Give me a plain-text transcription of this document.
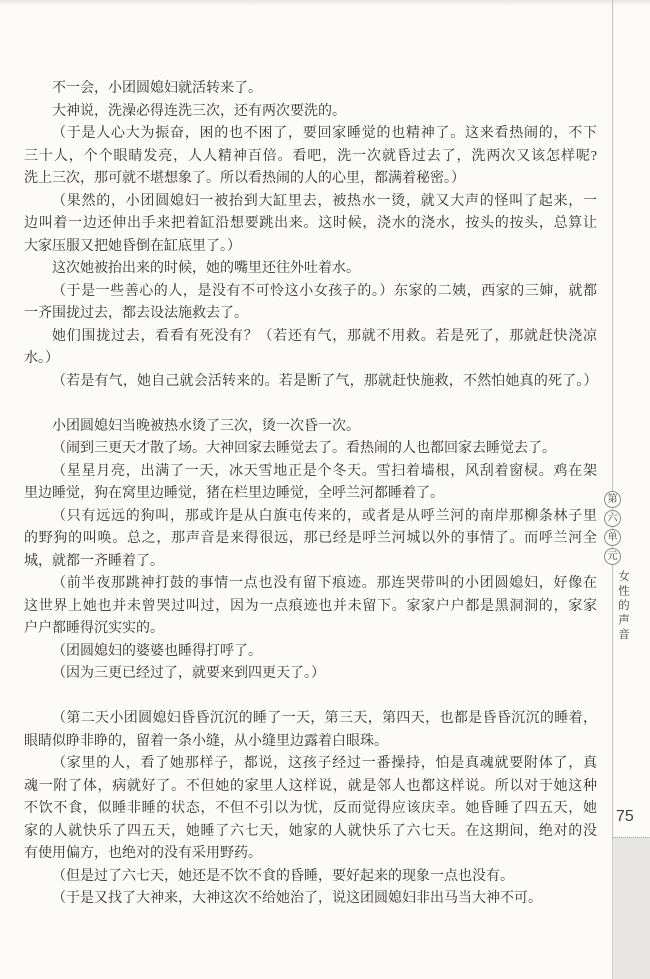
不一会，小团圆媳妇就活转来了。
大神说，洗澡必得连洗三次，还有两次要洗的。
（于是人心大为振奋，困的也不困了，要回家睡觉的也精神了。这来看热闹的，不下
三十人，个个眼睛发亮，人人精神百倍。看吧，洗一次就昏过去了，洗两次又该怎样呢?
洗上三次，那可就不堪想象了。所以看热闹的人的心里，都满着秘密。）
（果然的，小团圆媳妇一被抬到大缸里去，被热水一烫，就又大声的怪叫了起来，一
边叫着一边还伸出手来把着缸沿想要跳出来。这时候，浇水的浇水，按头的按头，总算让
大家压服又把她昏倒在缸底里了。）
这次她被抬出来的时候，她的嘴里还往外吐着水。
（于是一些善心的人，是没有不可怜这小女孩子的。）东家的二姨，西家的三婶，就都
一齐围拢过去，都去设法施救去了。
她们围拢过去，看看有死没有？（若还有气，那就不用救。若是死了，那就赶快浇凉
水。）
（若是有气，她自己就会活转来的。若是断了气，那就赶快施救，不然怕她真的死了。）
小团圆媳妇当晚被热水烫了三次，烫一次昏一次。
（闹到三更天才散了场。大神回家去睡觉去了。看热闹的人也都回家去睡觉去了。
（星星月亮，出满了一天，冰天雪地正是个冬天。雪扫着墙根，风刮着窗棂。鸡在架
里边睡觉，狗在窝里边睡觉，猪在栏里边睡觉，全呼兰河都睡着了。
（只有远远的狗叫，那或许是从白旗屯传来的，或者是从呼兰河的南岸那柳条林子里
的野狗的叫唤。总之，那声音是来得很远，那已经是呼兰河城以外的事情了。而呼兰河全
城，就都一齐睡着了。
（前半夜那跳神打鼓的事情一点也没有留下痕迹。那连哭带叫的小团圆媳妇，好像在
这世界上她也并未曾哭过叫过，因为一点痕迹也并未留下。家家户户都是黑洞洞的，家家
户户都睡得沉实实的。
（团圆媳妇的婆婆也睡得打呼了。
（因为三更已经过了，就要来到四更天了。）
（第二天小团圆媳妇昏昏沉沉的睡了一天，第三天，第四天，也都是昏昏沉沉的睡着，
眼睛似睁非睁的，留着一条小缝，从小缝里边露着白眼珠。
（家里的人，看了她那样子，都说，这孩子经过一番操持，怕是真魂就要附体了，真
魂一附了体，病就好了。不但她的家里人这样说，就是邻人也都这样说。所以对于她这种
不饮不食，似睡非睡的状态，不但不引以为忧，反而觉得应该庆幸。她昏睡了四五天，她
家的人就快乐了四五天，她睡了六七天，她家的人就快乐了六七天。在这期间，绝对的没
有使用偏方，也绝对的没有采用野药。
（但是过了六七天，她还是不饮不食的昏睡，要好起来的现象一点也没有。
（于是又找了大神来，大神这次不给她治了，说这团圆媳妇非出马当大神不可。
第
六
单
元
女性的声音
75
